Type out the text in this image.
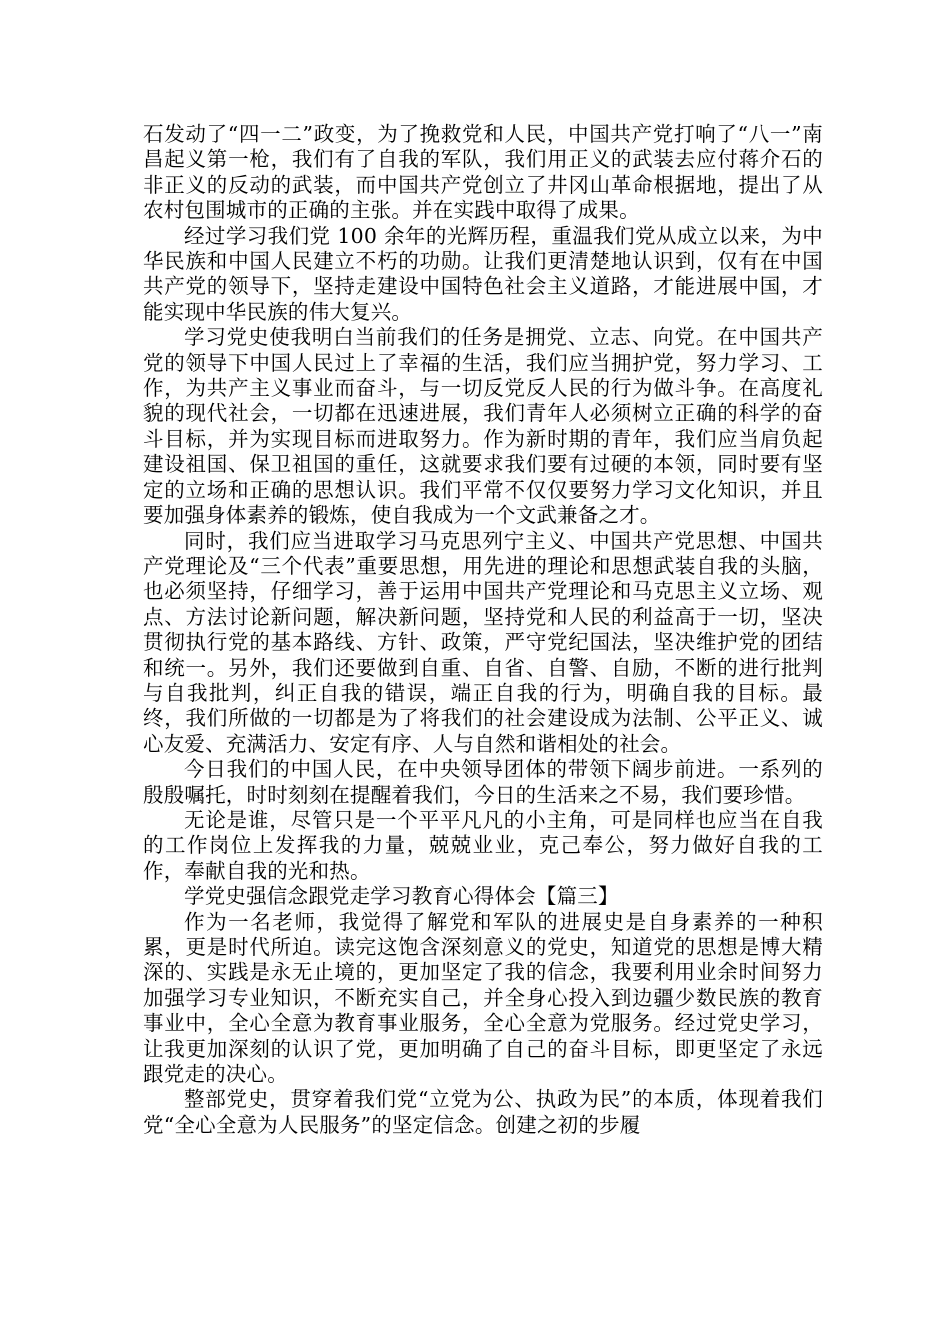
石发动了“四一二”政变，为了挽救党和人民，中国共产党打响了“八一”南昌起义第一枪，我们有了自我的军队，我们用正义的武装去应付蒋介石的非正义的反动的武装，而中国共产党创立了井冈山革命根据地，提出了从农村包围城市的正确的主张。并在实践中取得了成果。

经过学习我们党 100 余年的光辉历程，重温我们党从成立以来，为中华民族和中国人民建立不朽的功勋。让我们更清楚地认识到，仅有在中国共产党的领导下，坚持走建设中国特色社会主义道路，才能进展中国，才能实现中华民族的伟大复兴。

学习党史使我明白当前我们的任务是拥党、立志、向党。在中国共产党的领导下中国人民过上了幸福的生活，我们应当拥护党，努力学习、工作，为共产主义事业而奋斗，与一切反党反人民的行为做斗争。在高度礼貌的现代社会，一切都在迅速进展，我们青年人必须树立正确的科学的奋斗目标，并为实现目标而进取努力。作为新时期的青年，我们应当肩负起建设祖国、保卫祖国的重任，这就要求我们要有过硬的本领，同时要有坚定的立场和正确的思想认识。我们平常不仅仅要努力学习文化知识，并且要加强身体素养的锻炼，使自我成为一个文武兼备之才。

同时，我们应当进取学习马克思列宁主义、中国共产党思想、中国共产党理论及“三个代表”重要思想，用先进的理论和思想武装自我的头脑，也必须坚持，仔细学习，善于运用中国共产党理论和马克思主义立场、观点、方法讨论新问题，解决新问题，坚持党和人民的利益高于一切，坚决贯彻执行党的基本路线、方针、政策，严守党纪国法，坚决维护党的团结和统一。另外，我们还要做到自重、自省、自警、自励，不断的进行批判与自我批判，纠正自我的错误，端正自我的行为，明确自我的目标。最终，我们所做的一切都是为了将我们的社会建设成为法制、公平正义、诚心友爱、充满活力、安定有序、人与自然和谐相处的社会。

今日我们的中国人民，在中央领导团体的带领下阔步前进。一系列的殷殷嘱托，时时刻刻在提醒着我们，今日的生活来之不易，我们要珍惜。

无论是谁，尽管只是一个平平凡凡的小主角，可是同样也应当在自我的工作岗位上发挥我的力量，兢兢业业，克己奉公，努力做好自我的工作，奉献自我的光和热。

学党史强信念跟党走学习教育心得体会【篇三】

作为一名老师，我觉得了解党和军队的进展史是自身素养的一种积累，更是时代所迫。读完这饱含深刻意义的党史，知道党的思想是博大精深的、实践是永无止境的，更加坚定了我的信念，我要利用业余时间努力加强学习专业知识，不断充实自己，并全身心投入到边疆少数民族的教育事业中，全心全意为教育事业服务，全心全意为党服务。经过党史学习，让我更加深刻的认识了党，更加明确了自己的奋斗目标，即更坚定了永远跟党走的决心。

整部党史，贯穿着我们党“立党为公、执政为民”的本质，体现着我们党“全心全意为人民服务”的坚定信念。创建之初的步履
